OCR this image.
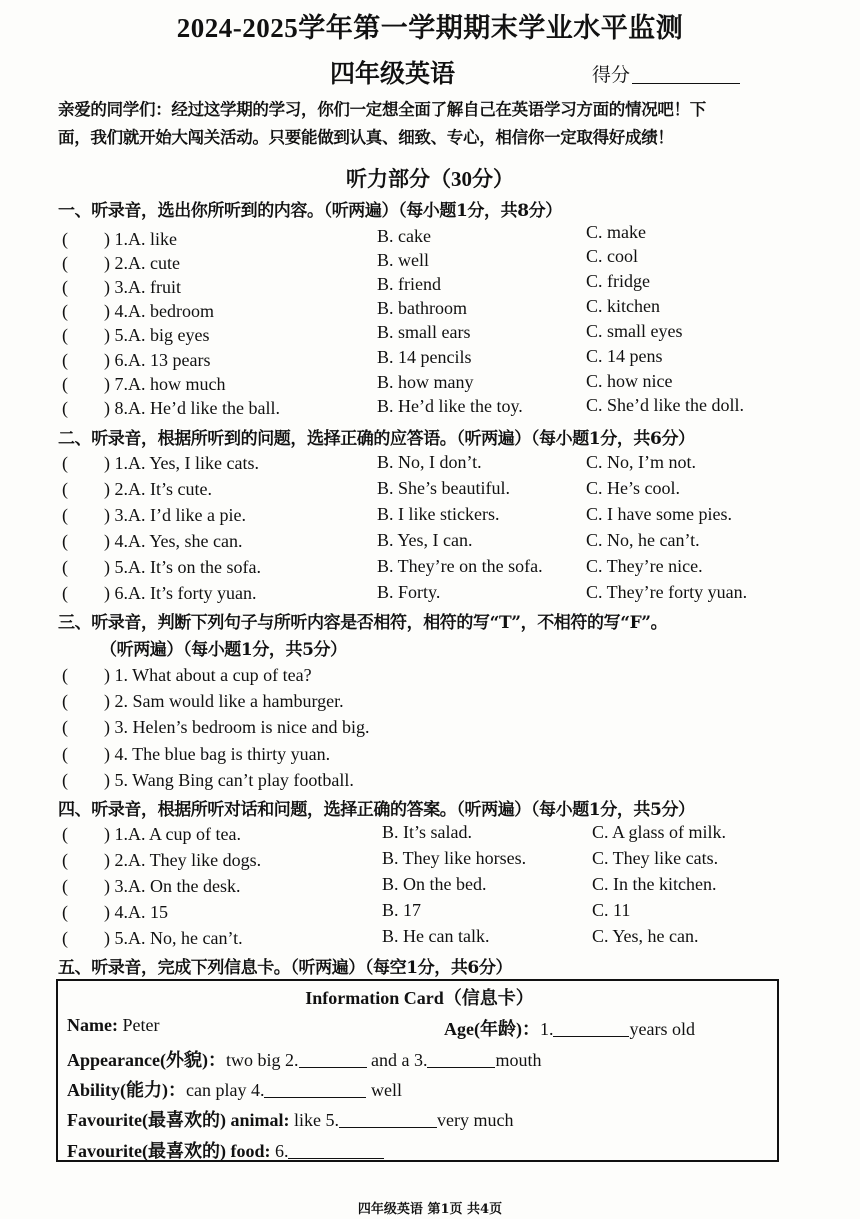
2024-2025学年第一学期期末学业水平监测
四年级英语	得分
亲爱的同学们：经过这学期的学习，你们一定想全面了解自己在英语学习方面的情况吧！下
面，我们就开始大闯关活动。只要能做到认真、细致、专心，相信你一定取得好成绩！
听力部分（30分）
一、听录音，选出你所听到的内容。（听两遍）（每小题1分，共8分）
( ) 1.A. like	B. cake	C. make
( ) 2.A. cute	B. well	C. cool
( ) 3.A. fruit	B. friend	C. fridge
( ) 4.A. bedroom	B. bathroom	C. kitchen
( ) 5.A. big eyes	B. small ears	C. small eyes
( ) 6.A. 13 pears	B. 14 pencils	C. 14 pens
( ) 7.A. how much	B. how many	C. how nice
( ) 8.A. He’d like the ball.	B. He’d like the toy.	C. She’d like the doll.
二、听录音，根据所听到的问题，选择正确的应答语。（听两遍）（每小题1分，共6分）
( ) 1.A. Yes, I like cats.	B. No, I don’t.	C. No, I’m not.
( ) 2.A. It’s cute.	B. She’s beautiful.	C. He’s cool.
( ) 3.A. I’d like a pie.	B. I like stickers.	C. I have some pies.
( ) 4.A. Yes, she can.	B. Yes, I can.	C. No, he can’t.
( ) 5.A. It’s on the sofa.	B. They’re on the sofa. C. They’re nice.
( ) 6.A. It’s forty yuan.	B. Forty.	C. They’re forty yuan.
三、听录音，判断下列句子与所听内容是否相符，相符的写“T”，不相符的写“F”。
（听两遍）（每小题1分，共5分）
( ) 1. What about a cup of tea?
( ) 2. Sam would like a hamburger.
( ) 3. Helen’s bedroom is nice and big.
( ) 4. The blue bag is thirty yuan.
( ) 5. Wang Bing can’t play football.
四、听录音，根据所听对话和问题，选择正确的答案。（听两遍）（每小题1分，共5分）
( ) 1.A. A cup of tea.	B. It’s salad.	C. A glass of milk.
( ) 2.A. They like dogs.	B. They like horses.	C. They like cats.
( ) 3.A. On the desk.	B. On the bed.	C. In the kitchen.
( ) 4.A. 15	B. 17	C. 11
( ) 5.A. No, he can’t.	B. He can talk.	C. Yes, he can.
五、听录音，完成下列信息卡。（听两遍）（每空1分，共6分）
Information Card（信息卡）
Name: Peter	Age(年龄)：1.	years old
Appearance(外貌)：two big 2.	and a 3.	mouth
Ability(能力)：can play 4.	well
Favourite(最喜欢的) animal: like 5.	very much
Favourite(最喜欢的) food: 6.
四年级英语 第1页 共4页
